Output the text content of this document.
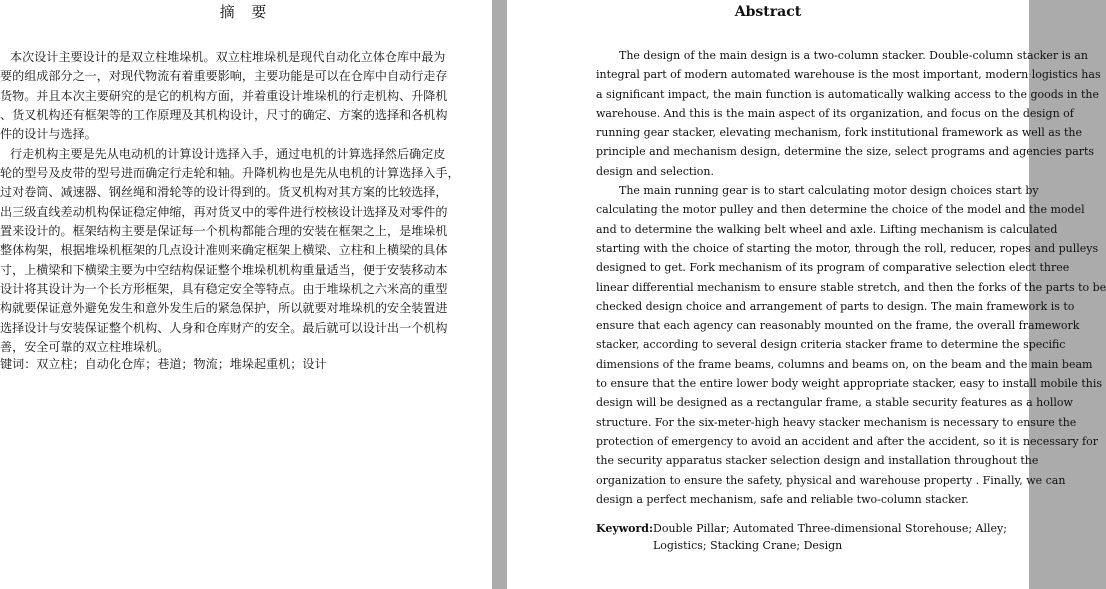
摘 要
本次设计主要设计的是双立柱堆垛机。双立柱堆垛机是现代自动化立体仓库中最为
要的组成部分之一，对现代物流有着重要影响，主要功能是可以在仓库中自动行走存
货物。并且本次主要研究的是它的机构方面，并着重设计堆垛机的行走机构、升降机
、货叉机构还有框架等的工作原理及其机构设计，尺寸的确定、方案的选择和各机构
件的设计与选择。
行走机构主要是先从电动机的计算设计选择入手，通过电机的计算选择然后确定皮
轮的型号及皮带的型号进而确定行走轮和轴。升降机构也是先从电机的计算选择入手，
过对卷筒、减速器、钢丝绳和滑轮等的设计得到的。货叉机构对其方案的比较选择，
出三级直线差动机构保证稳定伸缩，再对货叉中的零件进行校核设计选择及对零件的
置来设计的。框架结构主要是保证每一个机构都能合理的安装在框架之上，是堆垛机
整体构架，根据堆垛机框架的几点设计准则来确定框架上横梁、立柱和上横梁的具体
寸，上横梁和下横梁主要为中空结构保证整个堆垛机机构重量适当，便于安装移动本
设计将其设计为一个长方形框架，具有稳定安全等特点。由于堆垛机之六米高的重型
构就要保证意外避免发生和意外发生后的紧急保护，所以就要对堆垛机的安全装置进
选择设计与安装保证整个机构、人身和仓库财产的安全。最后就可以设计出一个机构
善，安全可靠的双立柱堆垛机。
键词：双立柱；自动化仓库；巷道；物流；堆垛起重机；设计
Abstract
The design of the main design is a two-column stacker. Double-column stacker is an
integral part of modern automated warehouse is the most important, modern logistics has
a significant impact, the main function is automatically walking access to the goods in the
warehouse. And this is the main aspect of its organization, and focus on the design of
running gear stacker, elevating mechanism, fork institutional framework as well as the
principle and mechanism design, determine the size, select programs and agencies parts
design and selection.
The main running gear is to start calculating motor design choices start by
calculating the motor pulley and then determine the choice of the model and the model
and to determine the walking belt wheel and axle. Lifting mechanism is calculated
starting with the choice of starting the motor, through the roll, reducer, ropes and pulleys
designed to get. Fork mechanism of its program of comparative selection elect three
linear differential mechanism to ensure stable stretch, and then the forks of the parts to be
checked design choice and arrangement of parts to design. The main framework is to
ensure that each agency can reasonably mounted on the frame, the overall framework
stacker, according to several design criteria stacker frame to determine the specific
dimensions of the frame beams, columns and beams on, on the beam and the main beam
to ensure that the entire lower body weight appropriate stacker, easy to install mobile this
design will be designed as a rectangular frame, a stable security features as a hollow
structure. For the six-meter-high heavy stacker mechanism is necessary to ensure the
protection of emergency to avoid an accident and after the accident, so it is necessary for
the security apparatus stacker selection design and installation throughout the
organization to ensure the safety, physical and warehouse property . Finally, we can
design a perfect mechanism, safe and reliable two-column stacker.
Keyword: Double Pillar; Automated Three-dimensional Storehouse; Alley; Logistics; Stacking Crane; Design
